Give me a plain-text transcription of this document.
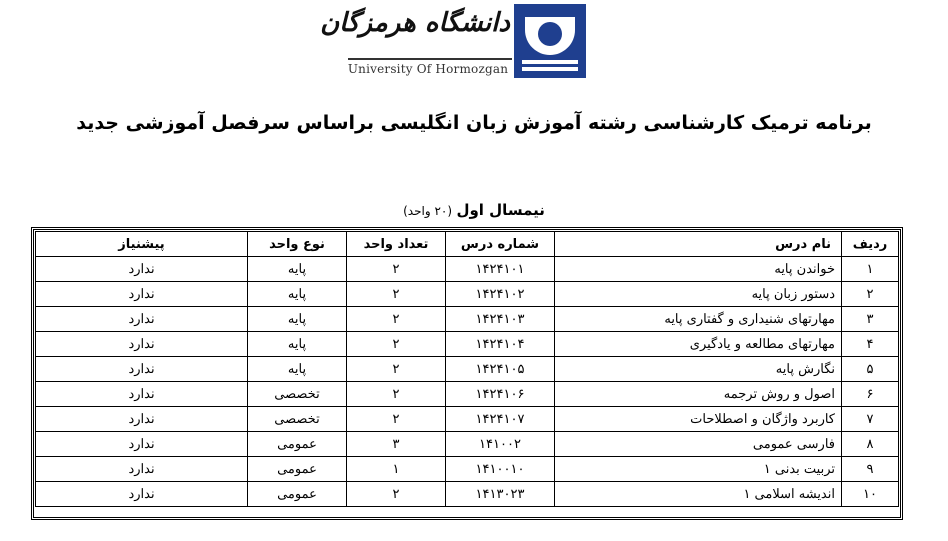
دانشگاه هرمزگان
University Of Hormozgan
برنامه ترمیک کارشناسی رشته آموزش زبان انگلیسی براساس سرفصل آموزشی جدید
نیمسال اول (۲۰ واحد)
ردیف	نام درس	شماره درس	تعداد واحد	نوع واحد	پیشنیاز
۱	خواندن پایه	۱۴۲۴۱۰۱	۲	پایه	ندارد
۲	دستور زبان پایه	۱۴۲۴۱۰۲	۲	پایه	ندارد
۳	مهارتهای شنیداری و گفتاری پایه	۱۴۲۴۱۰۳	۲	پایه	ندارد
۴	مهارتهای مطالعه و یادگیری	۱۴۲۴۱۰۴	۲	پایه	ندارد
۵	نگارش پایه	۱۴۲۴۱۰۵	۲	پایه	ندارد
۶	اصول و روش ترجمه	۱۴۲۴۱۰۶	۲	تخصصی	ندارد
۷	کاربرد واژگان و اصطلاحات	۱۴۲۴۱۰۷	۲	تخصصی	ندارد
۸	فارسی عمومی	۱۴۱۰۰۲	۳	عمومی	ندارد
۹	تربیت بدنی ۱	۱۴۱۰۰۱۰	۱	عمومی	ندارد
۱۰	اندیشه اسلامی ۱	۱۴۱۳۰۲۳	۲	عمومی	ندارد
